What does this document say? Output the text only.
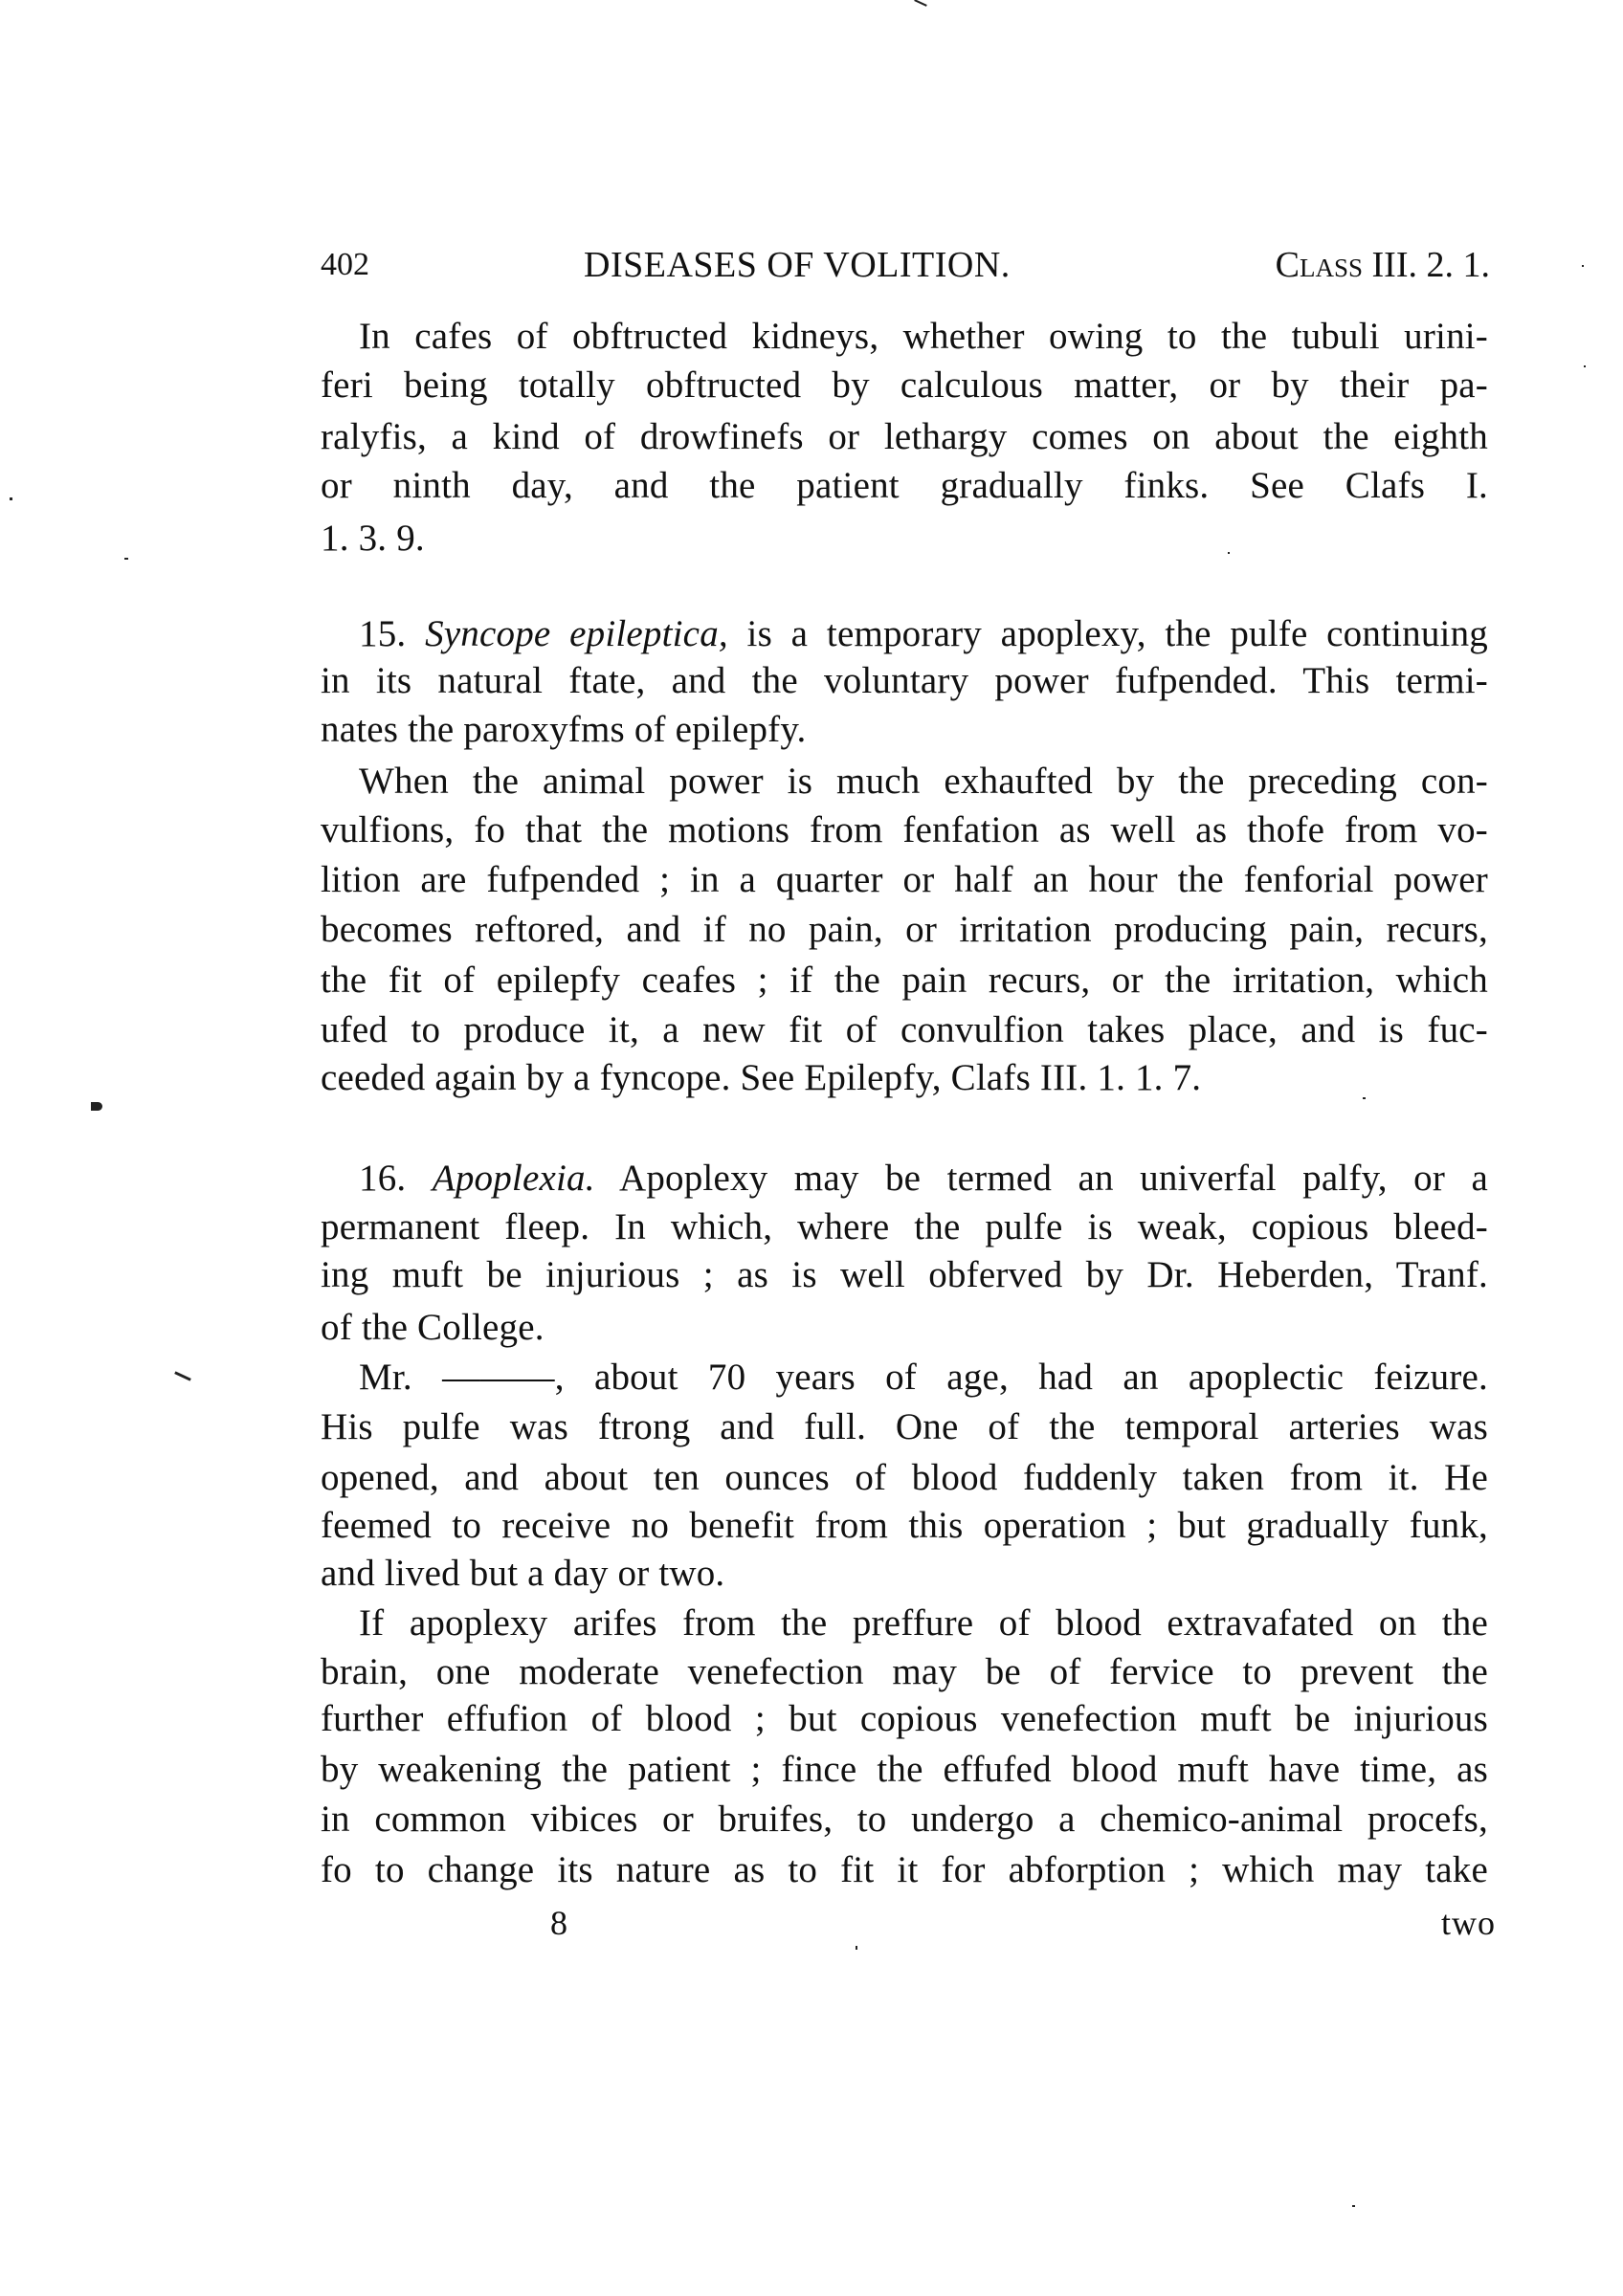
402	DISEASES OF VOLITION.	Class III. 2. 1.
In cafes of obftructed kidneys, whether owing to the tubuli urini-
feri being totally obftructed by calculous matter, or by their pa-
ralyfis, a kind of drowfinefs or lethargy comes on about the eighth
or ninth day, and the patient gradually finks. See Clafs I.
1. 3. 9.
15. Syncope epileptica, is a temporary apoplexy, the pulfe continuing
in its natural ftate, and the voluntary power fufpended. This termi-
nates the paroxyfms of epilepfy.
When the animal power is much exhaufted by the preceding con-
vulfions, fo that the motions from fenfation as well as thofe from vo-
lition are fufpended ; in a quarter or half an hour the fenforial power
becomes reftored, and if no pain, or irritation producing pain, recurs,
the fit of epilepfy ceafes ; if the pain recurs, or the irritation, which
ufed to produce it, a new fit of convulfion takes place, and is fuc-
ceeded again by a fyncope. See Epilepfy, Clafs III. 1. 1. 7.
16. Apoplexia. Apoplexy may be termed an univerfal palfy, or a
permanent fleep. In which, where the pulfe is weak, copious bleed-
ing muft be injurious ; as is well obferved by Dr. Heberden, Tranf.
of the College.
Mr. ———, about 70 years of age, had an apoplectic feizure.
His pulfe was ftrong and full. One of the temporal arteries was
opened, and about ten ounces of blood fuddenly taken from it. He
feemed to receive no benefit from this operation ; but gradually funk,
and lived but a day or two.
If apoplexy arifes from the preffure of blood extravafated on the
brain, one moderate venefection may be of fervice to prevent the
further effufion of blood ; but copious venefection muft be injurious
by weakening the patient ; fince the effufed blood muft have time, as
in common vibices or bruifes, to undergo a chemico-animal procefs,
fo to change its nature as to fit it for abforption ; which may take
8	two
